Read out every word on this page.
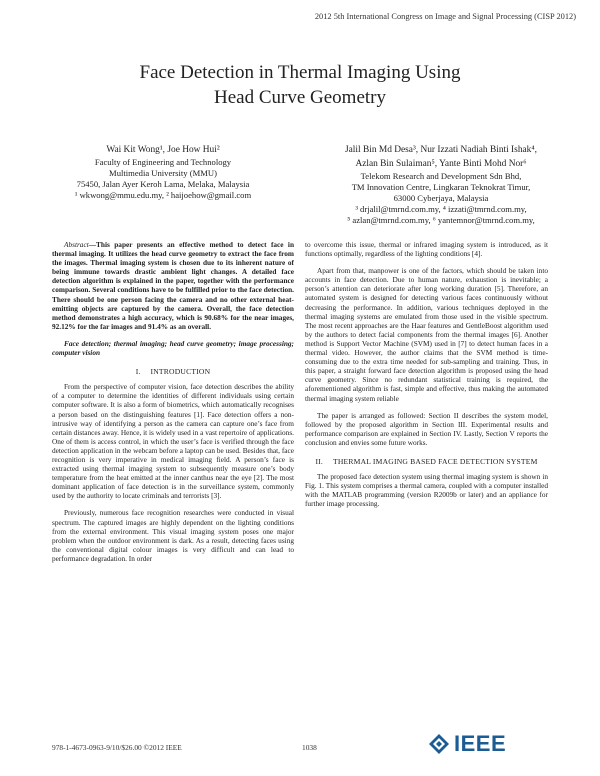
2012 5th International Congress on Image and Signal Processing (CISP 2012)
Face Detection in Thermal Imaging Using
Head Curve Geometry
Wai Kit Wong¹, Joe How Hui²
Faculty of Engineering and Technology
Multimedia University (MMU)
75450, Jalan Ayer Keroh Lama, Melaka, Malaysia
¹ wkwong@mmu.edu.my, ² haijoehow@gmail.com
Jalil Bin Md Desa³, Nur Izzati Nadiah Binti Ishak⁴,
Azlan Bin Sulaiman⁵, Yante Binti Mohd Nor⁶
Telekom Research and Development Sdn Bhd,
TM Innovation Centre, Lingkaran Teknokrat Timur,
63000 Cyberjaya, Malaysia
³ drjalil@tmrnd.com.my, ⁴ izzati@tmrnd.com.my,
⁵ azlan@tmrnd.com.my, ⁶ yantemnor@tmrnd.com.my,

Abstract—This paper presents an effective method to detect face in thermal imaging. It utilizes the head curve geometry to extract the face from the images. Thermal imaging system is chosen due to its inherent nature of being immune towards drastic ambient light changes. A detailed face detection algorithm is explained in the paper, together with the performance comparison. Several conditions have to be fulfilled prior to the face detection. There should be one person facing the camera and no other external heat-emitting objects are captured by the camera. Overall, the face detection method demonstrates a high accuracy, which is 90.68% for the near images, 92.12% for the far images and 91.4% as an overall.

Face detection; thermal imaging; head curve geometry; image processing; computer vision

I. INTRODUCTION

From the perspective of computer vision, face detection describes the ability of a computer to determine the identities of different individuals using certain computer software. It is also a form of biometrics, which automatically recognises a person based on the distinguishing features [1]. Face detection offers a non-intrusive way of identifying a person as the camera can capture one’s face from certain distances away. Hence, it is widely used in a vast repertoire of applications. One of them is access control, in which the user’s face is verified through the face detection application in the webcam before a laptop can be used. Besides that, face recognition is very imperative in medical imaging field. A person’s face is extracted using thermal imaging system to subsequently measure one’s body temperature from the heat emitted at the inner canthus near the eye [2]. The most dominant application of face detection is in the surveillance system, commonly used by the authority to locate criminals and terrorists [3].

Previously, numerous face recognition researches were conducted in visual spectrum. The captured images are highly dependent on the lighting conditions from the external environment. This visual imaging system poses one major problem when the outdoor environment is dark. As a result, detecting faces using the conventional digital colour images is very difficult and can lead to performance degradation. In order

to overcome this issue, thermal or infrared imaging system is introduced, as it functions optimally, regardless of the lighting conditions [4].

Apart from that, manpower is one of the factors, which should be taken into accounts in face detection. Due to human nature, exhaustion is inevitable; a person’s attention can deteriorate after long working duration [5]. Therefore, an automated system is designed for detecting various faces continuously without decreasing the performance. In addition, various techniques deployed in the thermal imaging systems are emulated from those used in the visible spectrum. The most recent approaches are the Haar features and GentleBoost algorithm used by the authors to detect facial components from the thermal images [6]. Another method is Support Vector Machine (SVM) used in [7] to detect human faces in a thermal video. However, the author claims that the SVM method is time-consuming due to the extra time needed for sub-sampling and training. Thus, in this paper, a straight forward face detection algorithm is proposed using the head curve geometry. Since no redundant statistical training is required, the aforementioned algorithm is fast, simple and effective, thus making the automated thermal imaging system reliable

The paper is arranged as followed: Section II describes the system model, followed by the proposed algorithm in Section III. Experimental results and performance comparison are explained in Section IV. Lastly, Section V reports the conclusion and envies some future works.

II. THERMAL IMAGING BASED FACE DETECTION SYSTEM

The proposed face detection system using thermal imaging system is shown in Fig. 1. This system comprises a thermal camera, coupled with a computer installed with the MATLAB programming (version R2009b or later) and an appliance for further image processing.

978-1-4673-0963-9/10/$26.00 ©2012 IEEE	1038	IEEE
